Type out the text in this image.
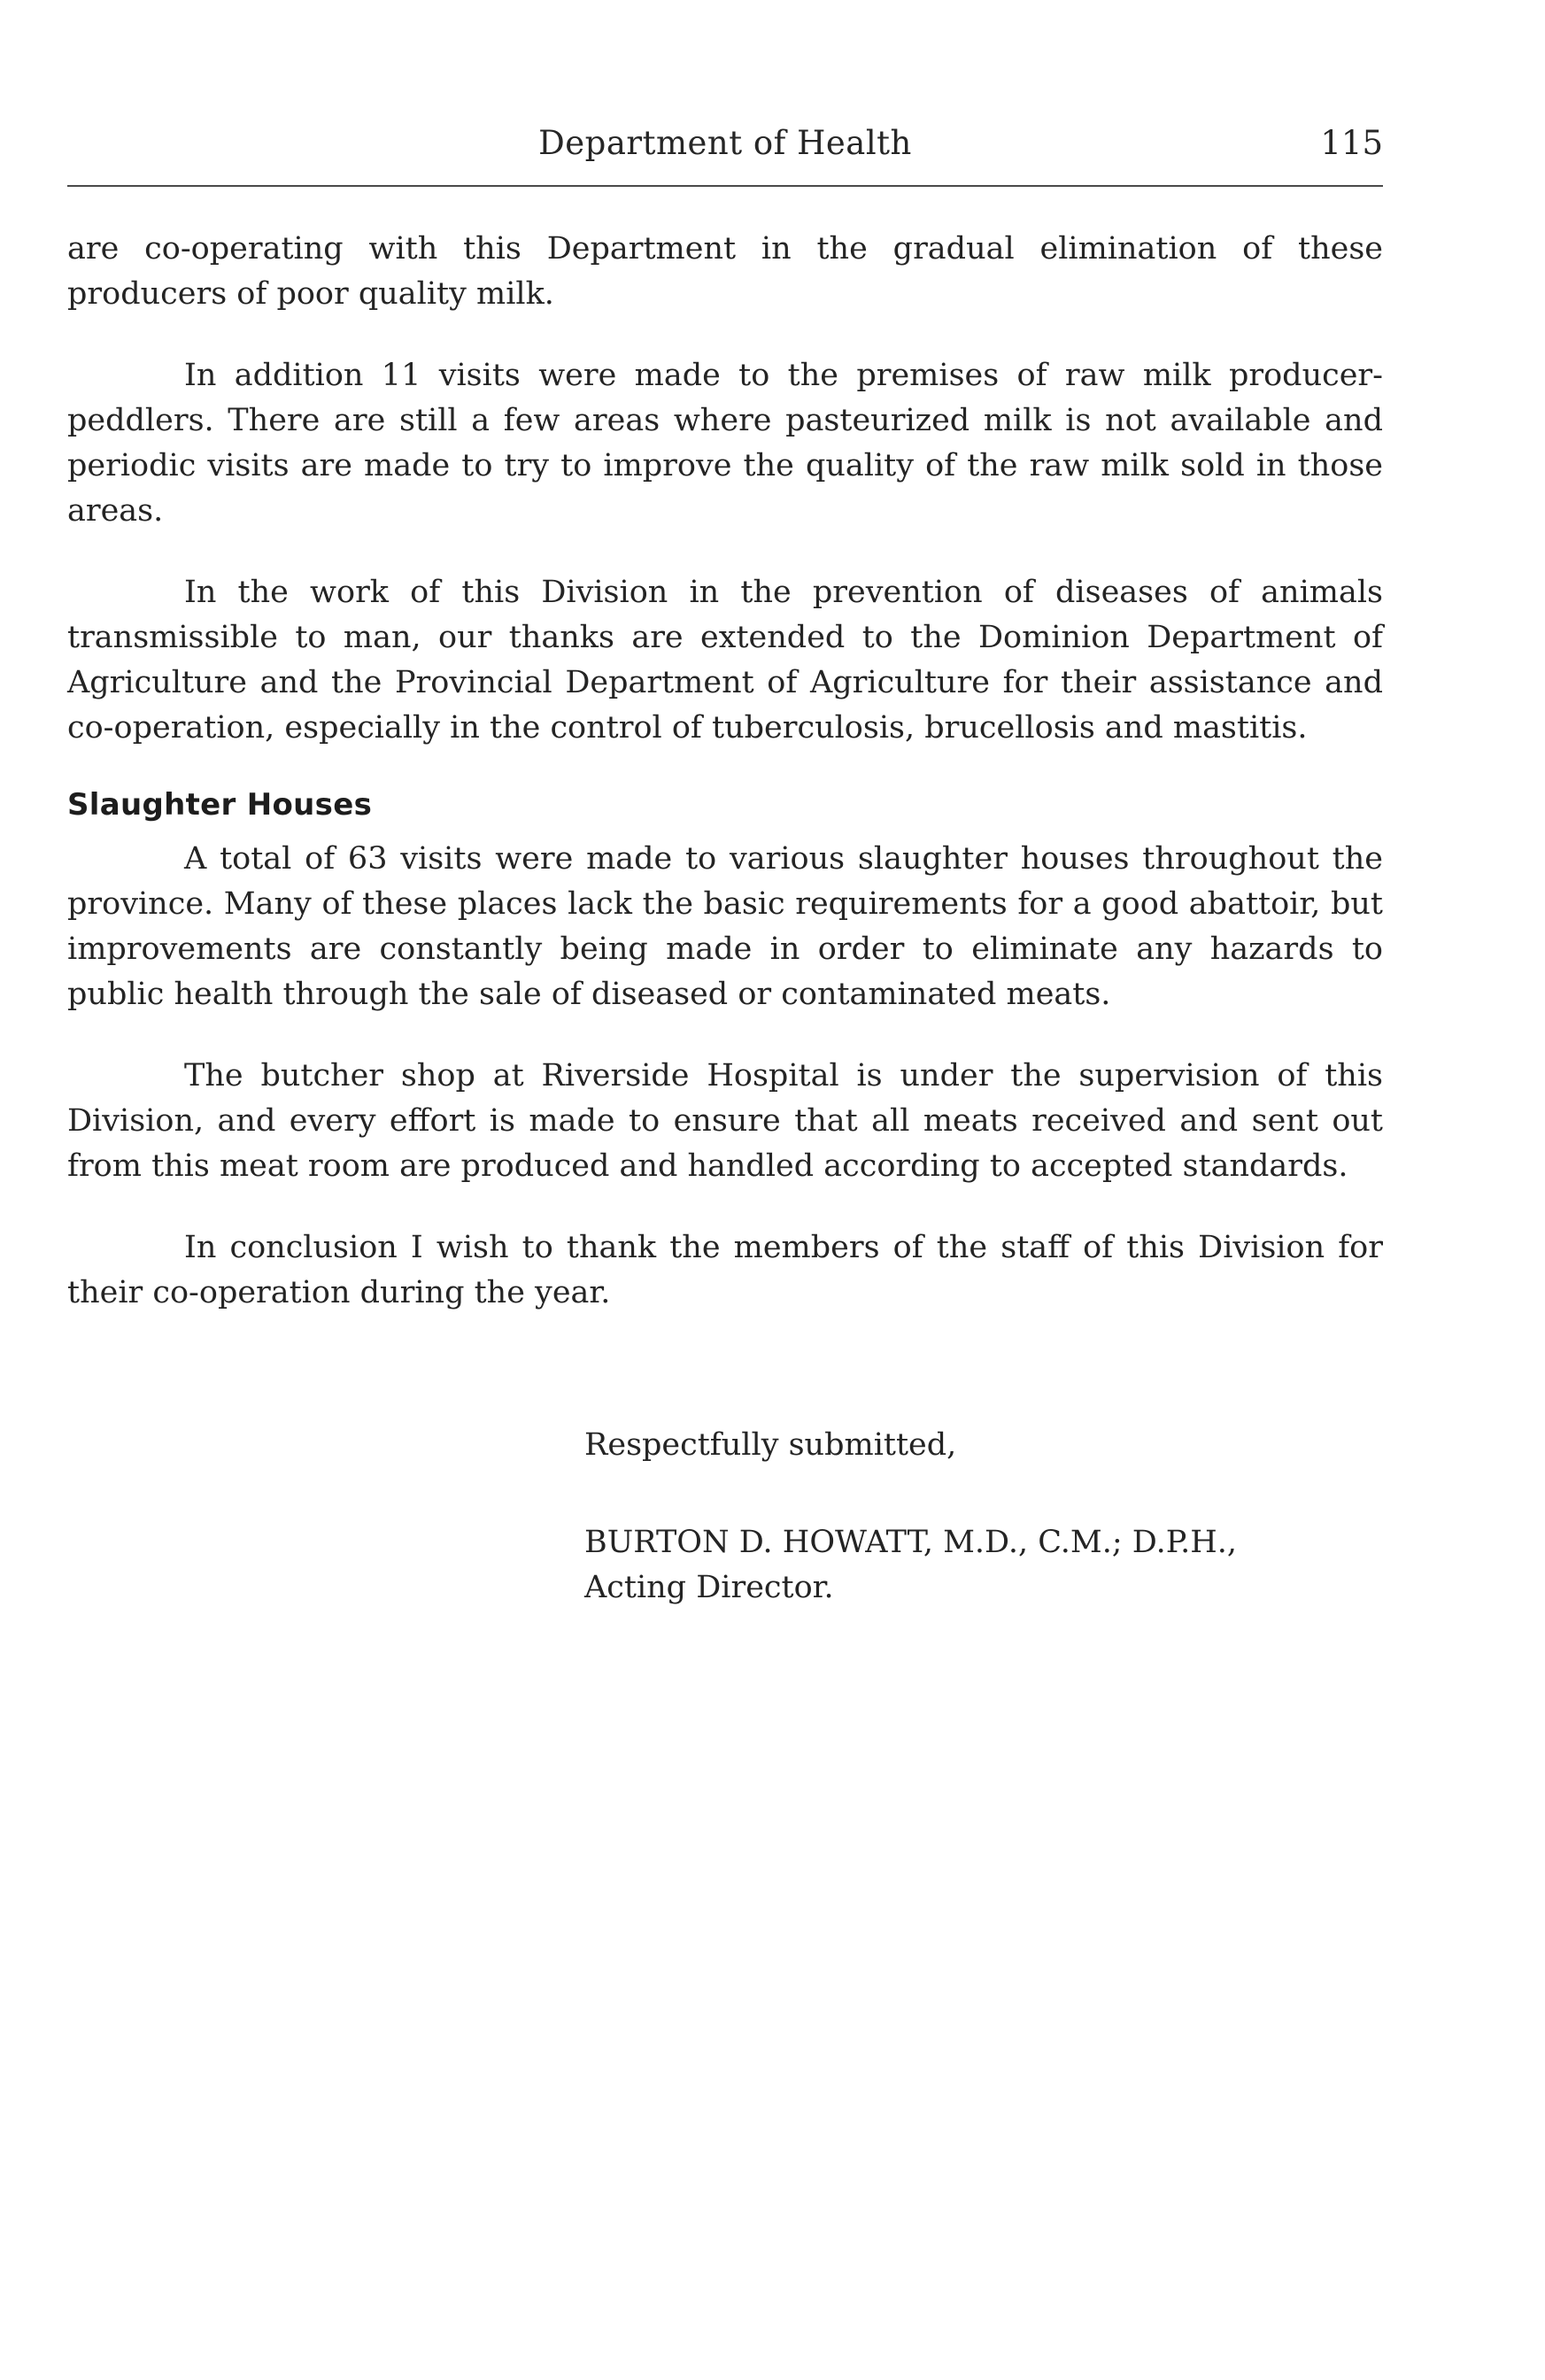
Department of Health	115

are co-operating with this Department in the gradual elimination of these producers of poor quality milk.

In addition 11 visits were made to the premises of raw milk producer-peddlers. There are still a few areas where pasteurized milk is not available and periodic visits are made to try to improve the quality of the raw milk sold in those areas.

In the work of this Division in the prevention of diseases of animals transmissible to man, our thanks are extended to the Dominion Department of Agriculture and the Provincial Department of Agriculture for their assistance and co-operation, especially in the control of tuberculosis, brucellosis and mastitis.

Slaughter Houses

A total of 63 visits were made to various slaughter houses throughout the province. Many of these places lack the basic requirements for a good abattoir, but improvements are constantly being made in order to eliminate any hazards to public health through the sale of diseased or contaminated meats.

The butcher shop at Riverside Hospital is under the supervision of this Division, and every effort is made to ensure that all meats received and sent out from this meat room are produced and handled according to accepted standards.

In conclusion I wish to thank the members of the staff of this Division for their co-operation during the year.

Respectfully submitted,
BURTON D. HOWATT, M.D., C.M.; D.P.H.,
Acting Director.
